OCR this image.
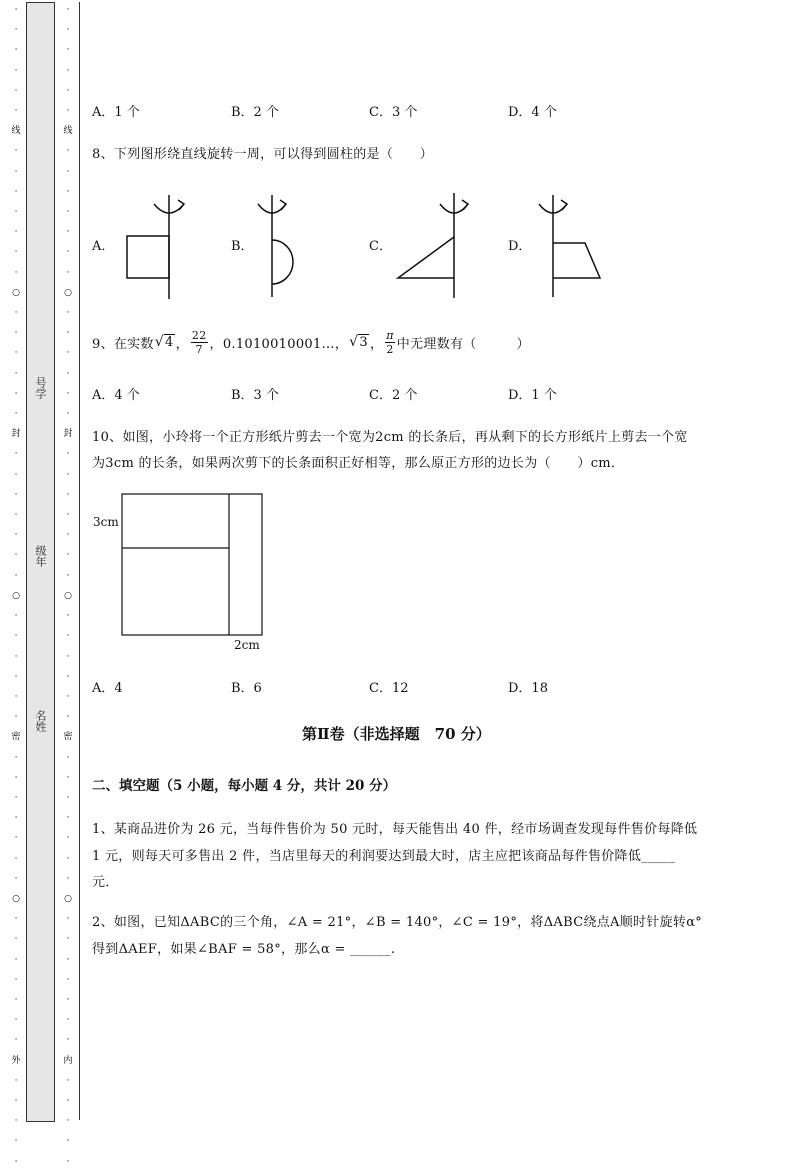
·
·
·
·
·
·
线
·
·
·
·
·
·
·
○
·
·
·
·
·
·
封
·
·
·
·
·
·
·
○
·
·
·
·
·
·
密
·
·
·
·
·
·
·
○
·
·
·
·
·
·
·
外
·
·
·
·
·
号学
级年
名姓
·
·
·
·
·
·
线
·
·
·
·
·
·
·
○
·
·
·
·
·
·
封
·
·
·
·
·
·
·
○
·
·
·
·
·
·
密
·
·
·
·
·
·
·
○
·
·
·
·
·
·
·
内
·
·
·
·
·
A．1 个	B．2 个	C．3 个	D．4 个
8、下列图形绕直线旋转一周，可以得到圆柱的是（　　）
A．	B．	C．	D．
9、在实数 √ 4 ， $\frac{22}{7}$ ，0.1010010001…， √ 3 ， $\frac{\pi}{2}$ 中无理数有（　　　）
A．4 个	B．3 个	C．2 个	D．1 个
10、如图，小玲将一个正方形纸片剪去一个宽为2cm 的长条后，再从剩下的长方形纸片上剪去一个宽
为3cm 的长条，如果两次剪下的长条面积正好相等，那么原正方形的边长为（　　）cm．
3cm
2cm
A．4	B．6	C．12	D．18
第Ⅱ卷（非选择题　70 分）
二、填空题（5 小题，每小题 4 分，共计 20 分）
1、某商品进价为 26 元，当每件售价为 50 元时，每天能售出 40 件，经市场调查发现每件售价每降低
1 元，则每天可多售出 2 件，当店里每天的利润要达到最大时，店主应把该商品每件售价降低_____
元．
2、如图，已知ΔABC的三个角，∠A = 21°，∠B = 140°，∠C = 19°，将ΔABC绕点A顺时针旋转α°
得到ΔAEF，如果∠BAF = 58°，那么α = ______.
